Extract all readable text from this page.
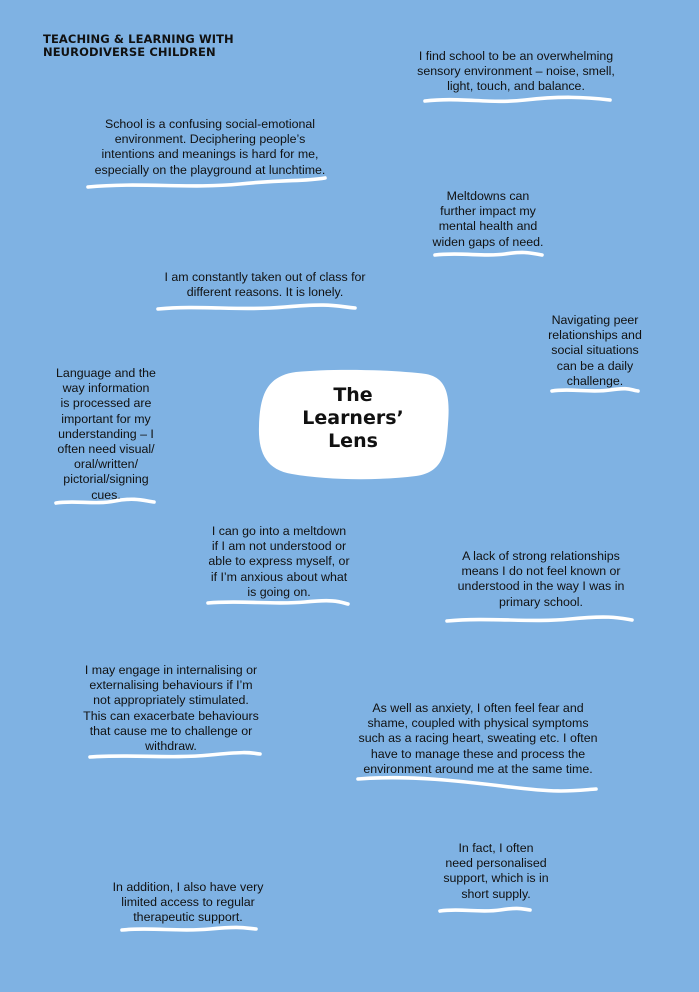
TEACHING & LEARNING WITH
NEURODIVERSE CHILDREN	I find school to be an overwhelming
sensory environment – noise, smell,
light, touch, and balance.
School is a confusing social-emotional
environment. Deciphering people’s
intentions and meanings is hard for me,
especially on the playground at lunchtime.
Meltdowns can
further impact my
mental health and
widen gaps of need.
I am constantly taken out of class for
different reasons. It is lonely.
Navigating peer
relationships and
social situations
can be a daily
challenge.
Language and the
way information
is processed are
important for my
understanding – I
often need visual/
oral/written/
pictorial/signing
cues.
I can go into a meltdown
if I am not understood or
able to express myself, or
if I’m anxious about what
is going on.
A lack of strong relationships
means I do not feel known or
understood in the way I was in
primary school.
I may engage in internalising or
externalising behaviours if I’m
not appropriately stimulated.
This can exacerbate behaviours
that cause me to challenge or
withdraw.
As well as anxiety, I often feel fear and
shame, coupled with physical symptoms
such as a racing heart, sweating etc. I often
have to manage these and process the
environment around me at the same time.
In fact, I often
need personalised
support, which is in
short supply.
In addition, I also have very
limited access to regular
therapeutic support.
The
Learners’
Lens
